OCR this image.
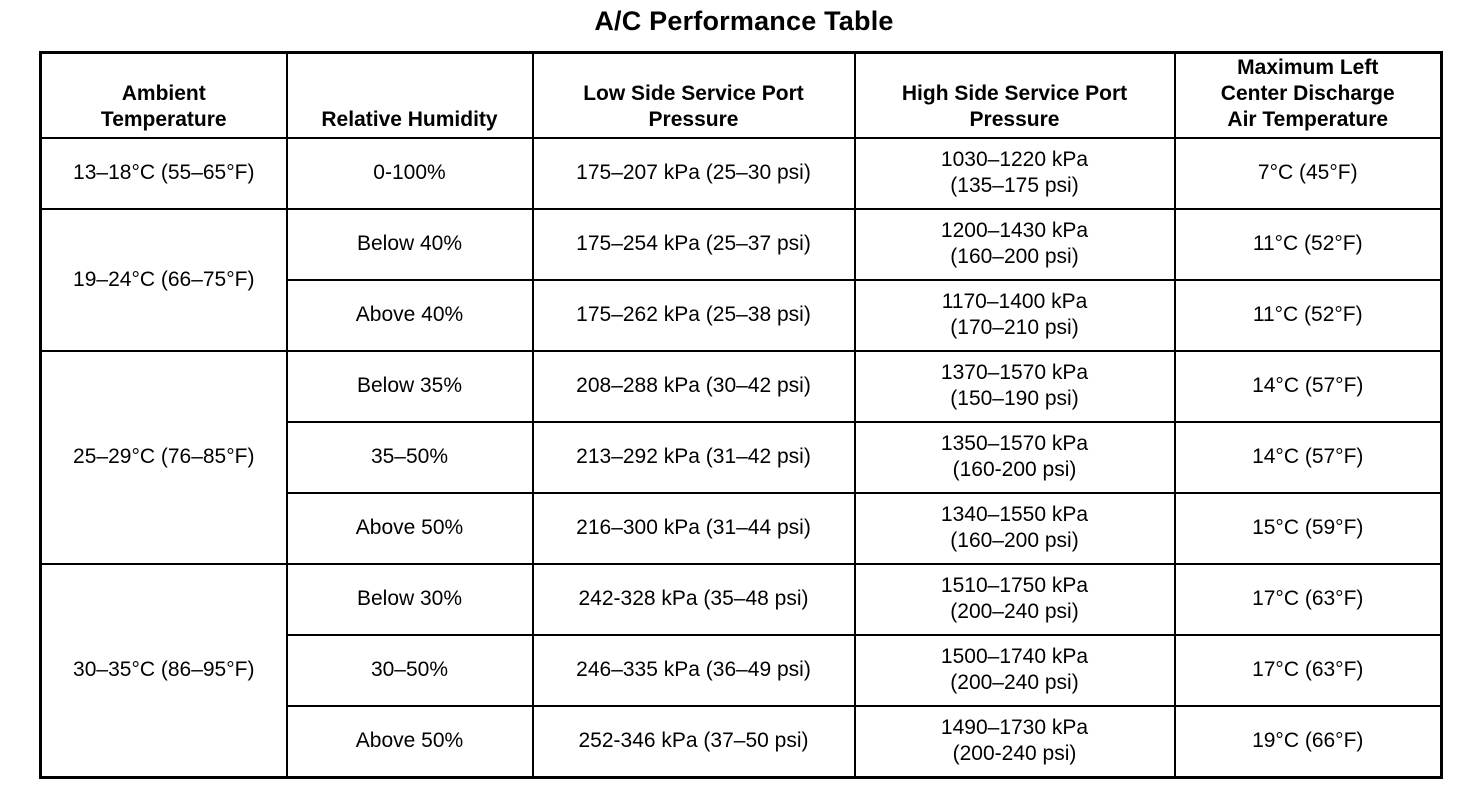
A/C Performance Table
Ambient
Temperature	Relative Humidity	Low Side Service Port
Pressure	High Side Service Port
Pressure	Maximum Left
Center Discharge
Air Temperature

13–18°C (55–65°F)	0-100%	175–207 kPa (25–30 psi)	1030–1220 kPa
(135–175 psi)	7°C (45°F)
19–24°C (66–75°F)	Below 40%	175–254 kPa (25–37 psi)	1200–1430 kPa
(160–200 psi)	11°C (52°F)
	Above 40%	175–262 kPa (25–38 psi)	1170–1400 kPa
(170–210 psi)	11°C (52°F)
25–29°C (76–85°F)	Below 35%	208–288 kPa (30–42 psi)	1370–1570 kPa
(150–190 psi)	14°C (57°F)
	35–50%	213–292 kPa (31–42 psi)	1350–1570 kPa
(160-200 psi)	14°C (57°F)
	Above 50%	216–300 kPa (31–44 psi)	1340–1550 kPa
(160–200 psi)	15°C (59°F)
30–35°C (86–95°F)	Below 30%	242-328 kPa (35–48 psi)	1510–1750 kPa
(200–240 psi)	17°C (63°F)
	30–50%	246–335 kPa (36–49 psi)	1500–1740 kPa
(200–240 psi)	17°C (63°F)
	Above 50%	252-346 kPa (37–50 psi)	1490–1730 kPa
(200-240 psi)	19°C (66°F)
